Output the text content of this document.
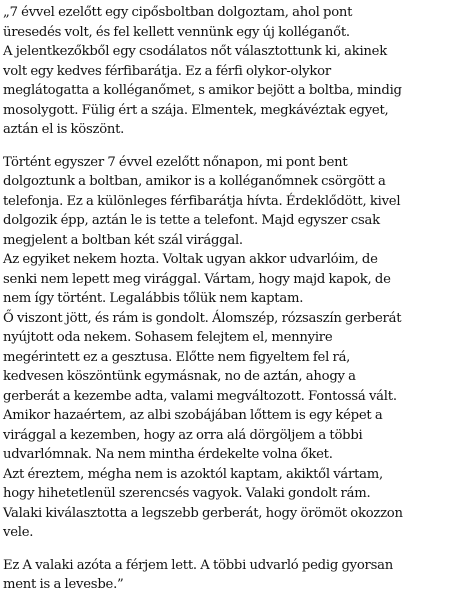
„7 évvel ezelőtt egy cipősboltban dolgoztam, ahol pont
üresedés volt, és fel kellett vennünk egy új kolléganőt.
A jelentkezőkből egy csodálatos nőt választottunk ki, akinek
volt egy kedves férfibarátja. Ez a férfi olykor-olykor
meglátogatta a kolléganőmet, s amikor bejött a boltba, mindig
mosolygott. Fülig ért a szája. Elmentek, megkávéztak egyet,
aztán el is köszönt.

Történt egyszer 7 évvel ezelőtt nőnapon, mi pont bent
dolgoztunk a boltban, amikor is a kolléganőmnek csörgött a
telefonja. Ez a különleges férfibarátja hívta. Érdeklődött, kivel
dolgozik épp, aztán le is tette a telefont. Majd egyszer csak
megjelent a boltban két szál virággal.
Az egyiket nekem hozta. Voltak ugyan akkor udvarlóim, de
senki nem lepett meg virággal. Vártam, hogy majd kapok, de
nem így történt. Legalábbis tőlük nem kaptam.
Ő viszont jött, és rám is gondolt. Álomszép, rózsaszín gerberát
nyújtott oda nekem. Sohasem felejtem el, mennyire
megérintett ez a gesztusa. Előtte nem figyeltem fel rá,
kedvesen köszöntünk egymásnak, no de aztán, ahogy a
gerberát a kezembe adta, valami megváltozott. Fontossá vált.
Amikor hazaértem, az albi szobájában lőttem is egy képet a
virággal a kezemben, hogy az orra alá dörgöljem a többi
udvarlómnak. Na nem mintha érdekelte volna őket.
Azt éreztem, mégha nem is azoktól kaptam, akiktől vártam,
hogy hihetetlenül szerencsés vagyok. Valaki gondolt rám.
Valaki kiválasztotta a legszebb gerberát, hogy örömöt okozzon
vele.

Ez A valaki azóta a férjem lett. A többi udvarló pedig gyorsan
ment is a levesbe.”
